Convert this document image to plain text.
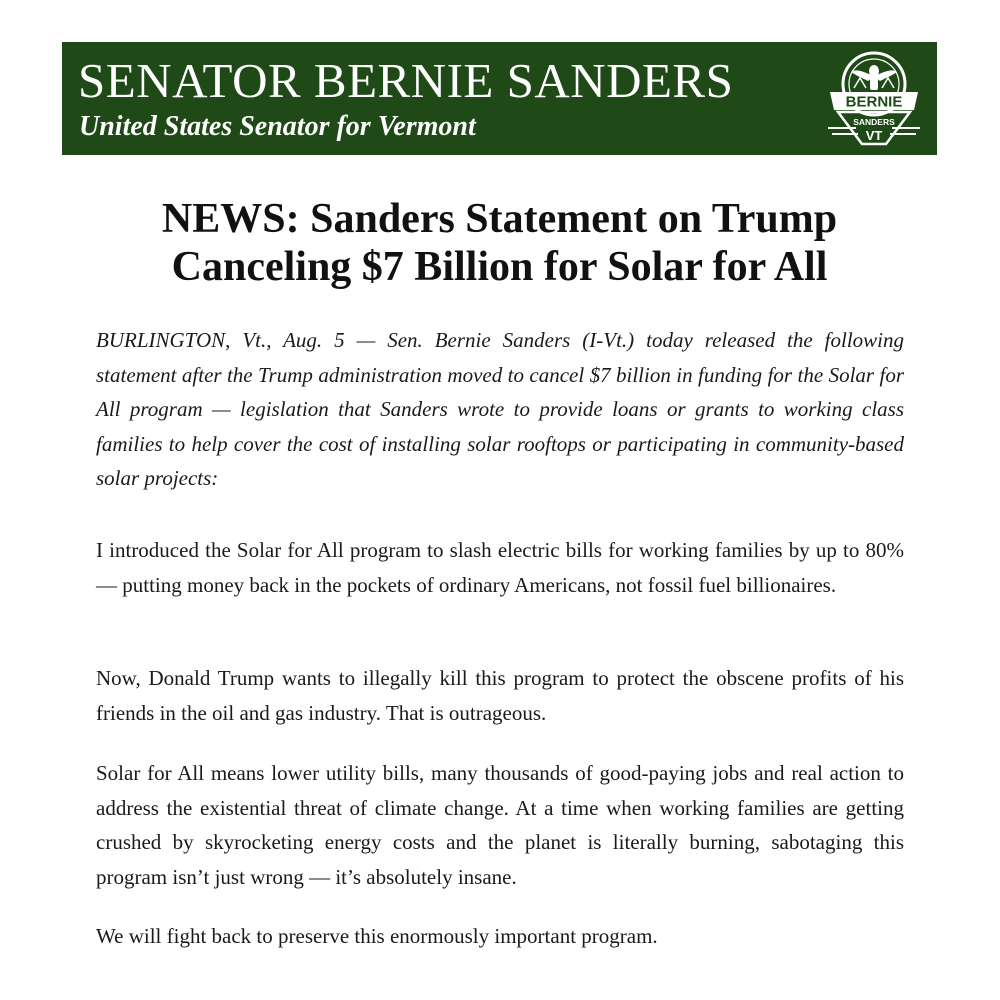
SENATOR BERNIE SANDERS
United States Senator for Vermont
BERNIE
SANDERS
VT
NEWS: Sanders Statement on Trump
Canceling $7 Billion for Solar for All

BURLINGTON, Vt., Aug. 5 — Sen. Bernie Sanders (I-Vt.) today released the following statement after the Trump administration moved to cancel $7 billion in funding for the Solar for All program — legislation that Sanders wrote to provide loans or grants to working class families to help cover the cost of installing solar rooftops or participating in community-based solar projects:

I introduced the Solar for All program to slash electric bills for working families by up to 80% — putting money back in the pockets of ordinary Americans, not fossil fuel billionaires.

Now, Donald Trump wants to illegally kill this program to protect the obscene profits of his friends in the oil and gas industry. That is outrageous.

Solar for All means lower utility bills, many thousands of good-paying jobs and real action to address the existential threat of climate change. At a time when working families are getting crushed by skyrocketing energy costs and the planet is literally burning, sabotaging this program isn’t just wrong — it’s absolutely insane.

We will fight back to preserve this enormously important program.
